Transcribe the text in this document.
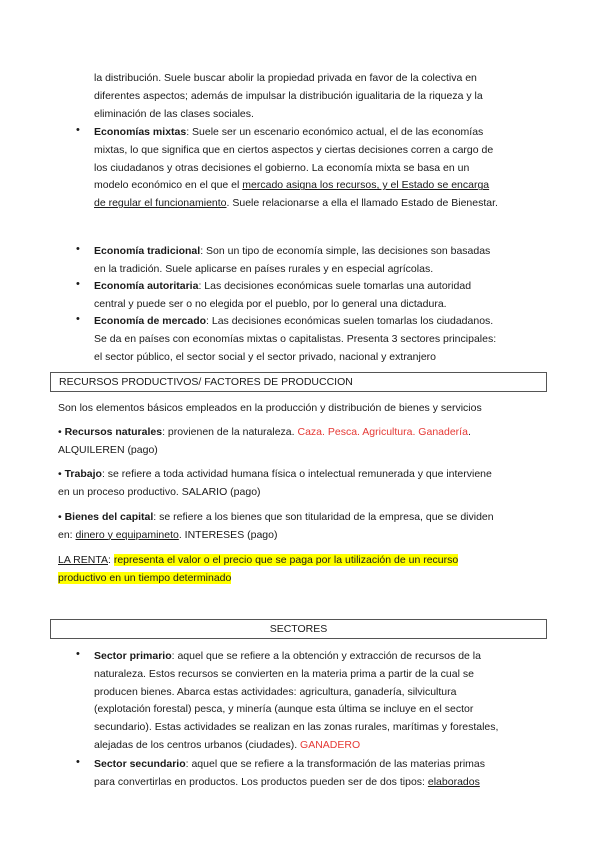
la distribución. Suele buscar abolir la propiedad privada en favor de la colectiva en
diferentes aspectos; además de impulsar la distribución igualitaria de la riqueza y la
eliminación de las clases sociales.
• Economías mixtas: Suele ser un escenario económico actual, el de las economías
mixtas, lo que significa que en ciertos aspectos y ciertas decisiones corren a cargo de
los ciudadanos y otras decisiones el gobierno. La economía mixta se basa en un
modelo económico en el que el mercado asigna los recursos, y el Estado se encarga
de regular el funcionamiento. Suele relacionarse a ella el llamado Estado de Bienestar.
• Economía tradicional: Son un tipo de economía simple, las decisiones son basadas
en la tradición. Suele aplicarse en países rurales y en especial agrícolas.
• Economía autoritaria: Las decisiones económicas suele tomarlas una autoridad
central y puede ser o no elegida por el pueblo, por lo general una dictadura.
• Economía de mercado: Las decisiones económicas suelen tomarlas los ciudadanos.
Se da en países con economías mixtas o capitalistas. Presenta 3 sectores principales:
el sector público, el sector social y el sector privado, nacional y extranjero
RECURSOS PRODUCTIVOS/ FACTORES DE PRODUCCION
Son los elementos básicos empleados en la producción y distribución de bienes y servicios
• Recursos naturales: provienen de la naturaleza. Caza. Pesca. Agricultura. Ganadería.
ALQUILEREN (pago)
• Trabajo: se refiere a toda actividad humana física o intelectual remunerada y que interviene
en un proceso productivo. SALARIO (pago)
• Bienes del capital: se refiere a los bienes que son titularidad de la empresa, que se dividen
en: dinero y equipamineto. INTERESES (pago)
LA RENTA: representa el valor o el precio que se paga por la utilización de un recurso
productivo en un tiempo determinado
SECTORES
• Sector primario: aquel que se refiere a la obtención y extracción de recursos de la
naturaleza. Estos recursos se convierten en la materia prima a partir de la cual se
producen bienes. Abarca estas actividades: agricultura, ganadería, silvicultura
(explotación forestal) pesca, y minería (aunque esta última se incluye en el sector
secundario). Estas actividades se realizan en las zonas rurales, marítimas y forestales,
alejadas de los centros urbanos (ciudades). GANADERO
• Sector secundario: aquel que se refiere a la transformación de las materias primas
para convertirlas en productos. Los productos pueden ser de dos tipos: elaborados
